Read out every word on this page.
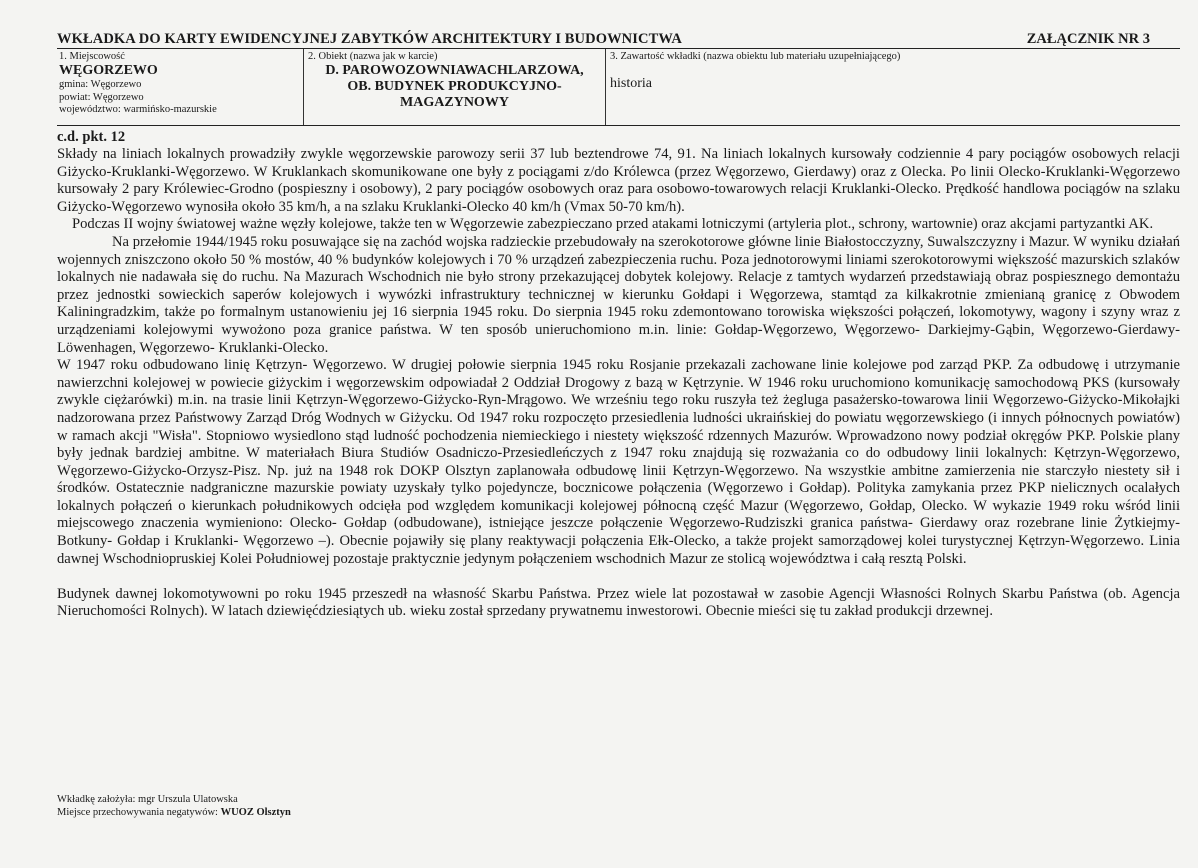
WKŁADKA DO KARTY EWIDENCYJNEJ ZABYTKÓW ARCHITEKTURY I BUDOWNICTWA	ZAŁĄCZNIK NR 3
1. Miejscowość
WĘGORZEWO
gmina: Węgorzewo
powiat: Węgorzewo
województwo: warmińsko-mazurskie
2. Obiekt (nazwa jak w karcie)
D. PAROWOZOWNIAWACHLARZOWA,
OB. BUDYNEK PRODUKCYJNO-
MAGAZYNOWY
3. Zawartość wkładki (nazwa obiektu lub materiału uzupełniającego)
historia
c.d. pkt. 12

Składy na liniach lokalnych prowadziły zwykle węgorzewskie parowozy serii 37 lub beztendrowe 74, 91. Na liniach lokalnych kursowały codziennie 4 pary pociągów osobowych relacji Giżycko-Kruklanki-Węgorzewo. W Kruklankach skomunikowane one były z pociągami z/do Królewca (przez Węgorzewo, Gierdawy) oraz z Olecka. Po linii Olecko-Kruklanki-Węgorzewo kursowały 2 pary Królewiec-Grodno (pospieszny i osobowy), 2 pary pociągów osobowych oraz para osobowo-towarowych relacji Kruklanki-Olecko. Prędkość handlowa pociągów na szlaku Giżycko-Węgorzewo wynosiła około 35 km/h, a na szlaku Kruklanki-Olecko 40 km/h (Vmax 50-70 km/h).

Podczas II wojny światowej ważne węzły kolejowe, także ten w Węgorzewie zabezpieczano przed atakami lotniczymi (artyleria plot., schrony, wartownie) oraz akcjami partyzantki AK.

Na przełomie 1944/1945 roku posuwające się na zachód wojska radzieckie przebudowały na szerokotorowe główne linie Białostocczyzny, Suwalszczyzny i Mazur. W wyniku działań wojennych zniszczono około 50 % mostów, 40 % budynków kolejowych i 70 % urządzeń zabezpieczenia ruchu. Poza jednotorowymi liniami szerokotorowymi większość mazurskich szlaków lokalnych nie nadawała się do ruchu. Na Mazurach Wschodnich nie było strony przekazującej dobytek kolejowy. Relacje z tamtych wydarzeń przedstawiają obraz pospiesznego demontażu przez jednostki sowieckich saperów kolejowych i wywózki infrastruktury technicznej w kierunku Gołdapi i Węgorzewa, stamtąd za kilkakrotnie zmienianą granicę z Obwodem Kaliningradzkim, także po formalnym ustanowieniu jej 16 sierpnia 1945 roku. Do sierpnia 1945 roku zdemontowano torowiska większości połączeń, lokomotywy, wagony i szyny wraz z urządzeniami kolejowymi wywożono poza granice państwa. W ten sposób unieruchomiono m.in. linie: Gołdap-Węgorzewo, Węgorzewo- Darkiejmy-Gąbin, Węgorzewo-Gierdawy- Löwenhagen, Węgorzewo- Kruklanki-Olecko.

W 1947 roku odbudowano linię Kętrzyn- Węgorzewo. W drugiej połowie sierpnia 1945 roku Rosjanie przekazali zachowane linie kolejowe pod zarząd PKP. Za odbudowę i utrzymanie nawierzchni kolejowej w powiecie giżyckim i węgorzewskim odpowiadał 2 Oddział Drogowy z bazą w Kętrzynie. W 1946 roku uruchomiono komunikację samochodową PKS (kursowały zwykle ciężarówki) m.in. na trasie linii Kętrzyn-Węgorzewo-Giżycko-Ryn-Mrągowo. We wrześniu tego roku ruszyła też żegluga pasażersko-towarowa linii Węgorzewo-Giżycko-Mikołajki nadzorowana przez Państwowy Zarząd Dróg Wodnych w Giżycku. Od 1947 roku rozpoczęto przesiedlenia ludności ukraińskiej do powiatu węgorzewskiego (i innych północnych powiatów) w ramach akcji "Wisła". Stopniowo wysiedlono stąd ludność pochodzenia niemieckiego i niestety większość rdzennych Mazurów. Wprowadzono nowy podział okręgów PKP. Polskie plany były jednak bardziej ambitne. W materiałach Biura Studiów Osadniczo-Przesiedleńczych z 1947 roku znajdują się rozważania co do odbudowy linii lokalnych: Kętrzyn-Węgorzewo, Węgorzewo-Giżycko-Orzysz-Pisz. Np. już na 1948 rok DOKP Olsztyn zaplanowała odbudowę linii Kętrzyn-Węgorzewo. Na wszystkie ambitne zamierzenia nie starczyło niestety sił i środków. Ostatecznie nadgraniczne mazurskie powiaty uzyskały tylko pojedyncze, bocznicowe połączenia (Węgorzewo i Gołdap). Polityka zamykania przez PKP nielicznych ocalałych lokalnych połączeń o kierunkach południkowych odcięła pod względem komunikacji kolejowej północną część Mazur (Węgorzewo, Gołdap, Olecko. W wykazie 1949 roku wśród linii miejscowego znaczenia wymieniono: Olecko- Gołdap (odbudowane), istniejące jeszcze połączenie Węgorzewo-Rudziszki granica państwa- Gierdawy oraz rozebrane linie Żytkiejmy-Botkuny- Gołdap i Kruklanki- Węgorzewo –). Obecnie pojawiły się plany reaktywacji połączenia Ełk-Olecko, a także projekt samorządowej kolei turystycznej Kętrzyn-Węgorzewo. Linia dawnej Wschodniopruskiej Kolei Południowej pozostaje praktycznie jedynym połączeniem wschodnich Mazur ze stolicą województwa i całą resztą Polski.

Budynek dawnej lokomotywowni po roku 1945 przeszedł na własność Skarbu Państwa. Przez wiele lat pozostawał w zasobie Agencji Własności Rolnych Skarbu Państwa (ob. Agencja Nieruchomości Rolnych). W latach dziewięćdziesiątych ub. wieku został sprzedany prywatnemu inwestorowi. Obecnie mieści się tu zakład produkcji drzewnej.

Wkładkę założyła: mgr Urszula Ulatowska
Miejsce przechowywania negatywów: WUOZ Olsztyn
